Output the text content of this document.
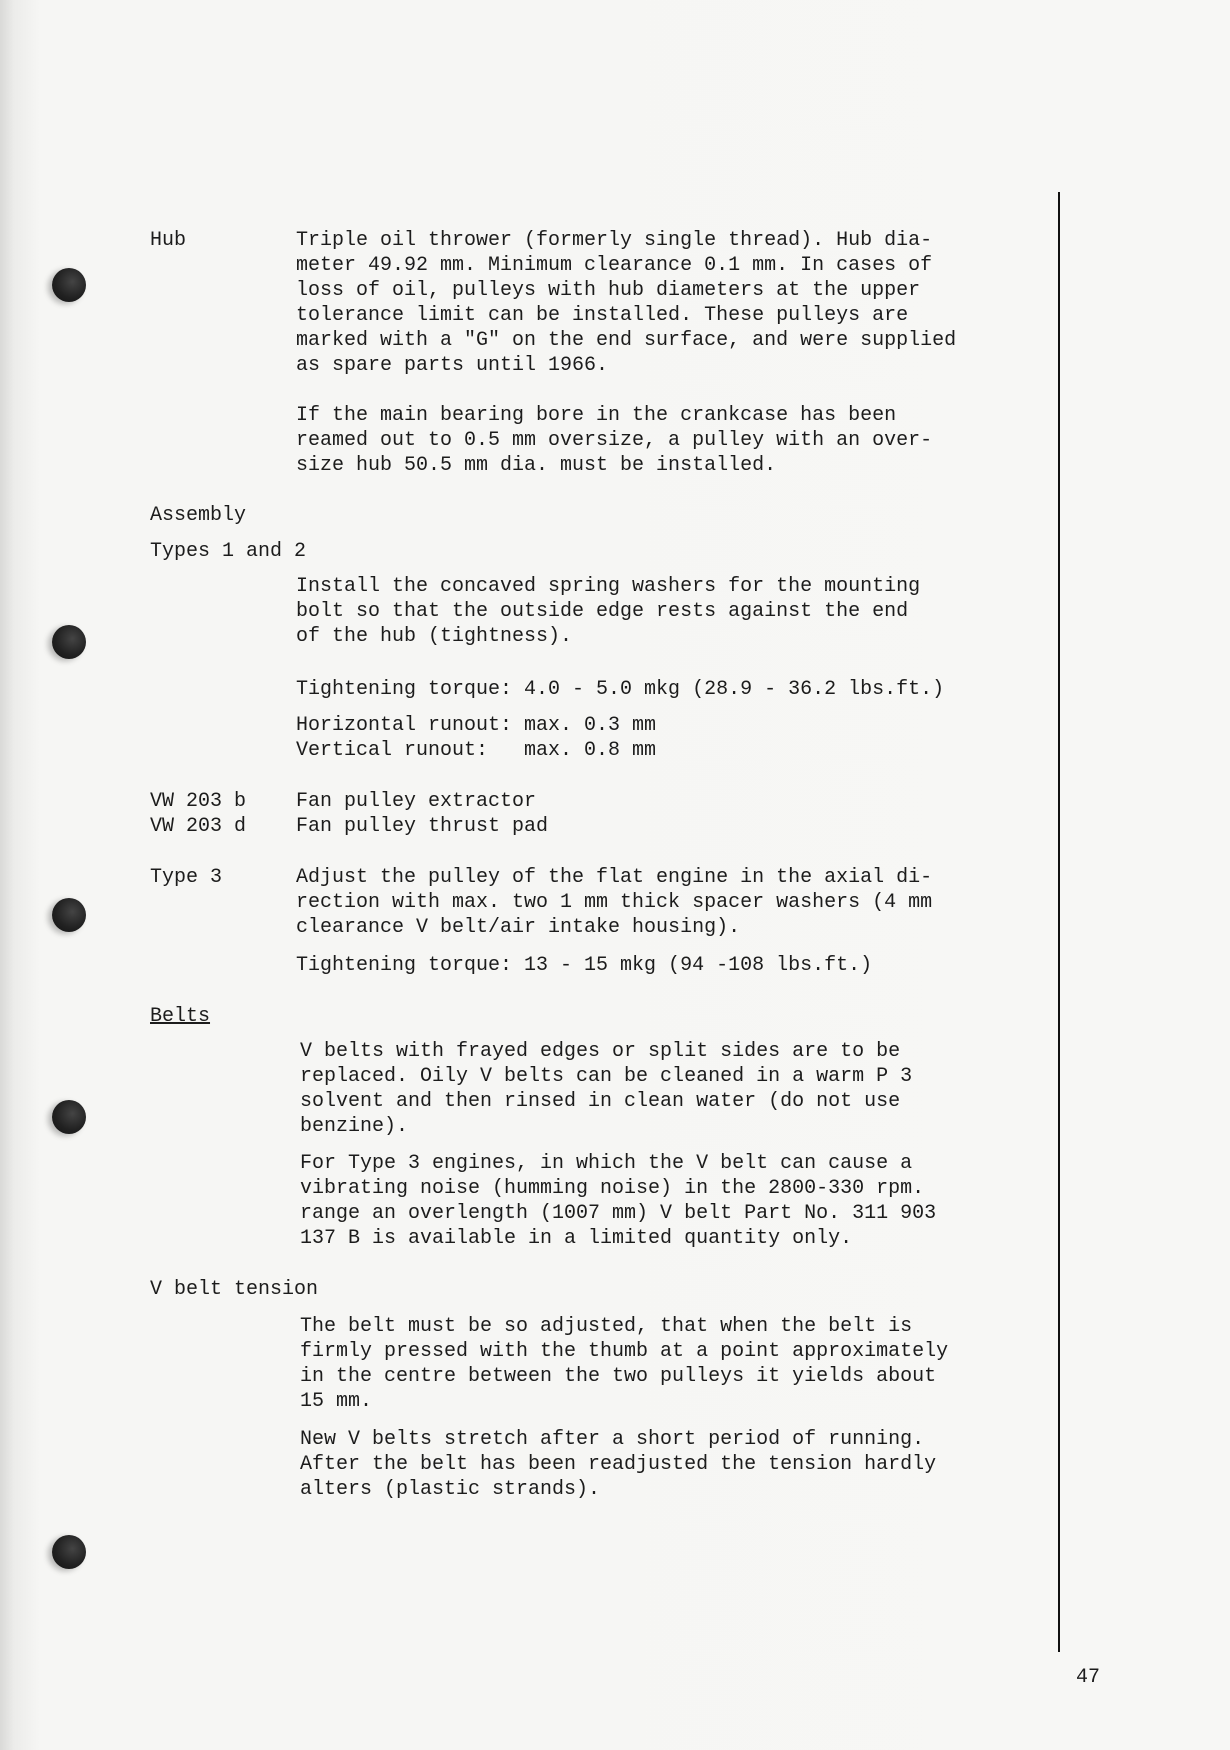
Hub	Triple oil thrower (formerly single thread). Hub dia-
meter 49.92 mm. Minimum clearance 0.1 mm. In cases of
loss of oil, pulleys with hub diameters at the upper
tolerance limit can be installed. These pulleys are
marked with a "G" on the end surface, and were supplied
as spare parts until 1966.
If the main bearing bore in the crankcase has been
reamed out to 0.5 mm oversize, a pulley with an over-
size hub 50.5 mm dia. must be installed.
Assembly
Types 1 and 2
Install the concaved spring washers for the mounting
bolt so that the outside edge rests against the end
of the hub (tightness).
Tightening torque: 4.0 - 5.0 mkg (28.9 - 36.2 lbs.ft.)
Horizontal runout: max. 0.3 mm
Vertical runout:   max. 0.8 mm
VW 203 b Fan pulley extractor
VW 203 d Fan pulley thrust pad
Type 3	Adjust the pulley of the flat engine in the axial di-
rection with max. two 1 mm thick spacer washers (4 mm
clearance V belt/air intake housing).
Tightening torque: 13 - 15 mkg (94 -108 lbs.ft.)
Belts
V belts with frayed edges or split sides are to be
replaced. Oily V belts can be cleaned in a warm P 3
solvent and then rinsed in clean water (do not use
benzine).
For Type 3 engines, in which the V belt can cause a
vibrating noise (humming noise) in the 2800-330 rpm.
range an overlength (1007 mm) V belt Part No. 311 903
137 B is available in a limited quantity only.
V belt tension
The belt must be so adjusted, that when the belt is
firmly pressed with the thumb at a point approximately
in the centre between the two pulleys it yields about
15 mm.
New V belts stretch after a short period of running.
After the belt has been readjusted the tension hardly
alters (plastic strands).
47
